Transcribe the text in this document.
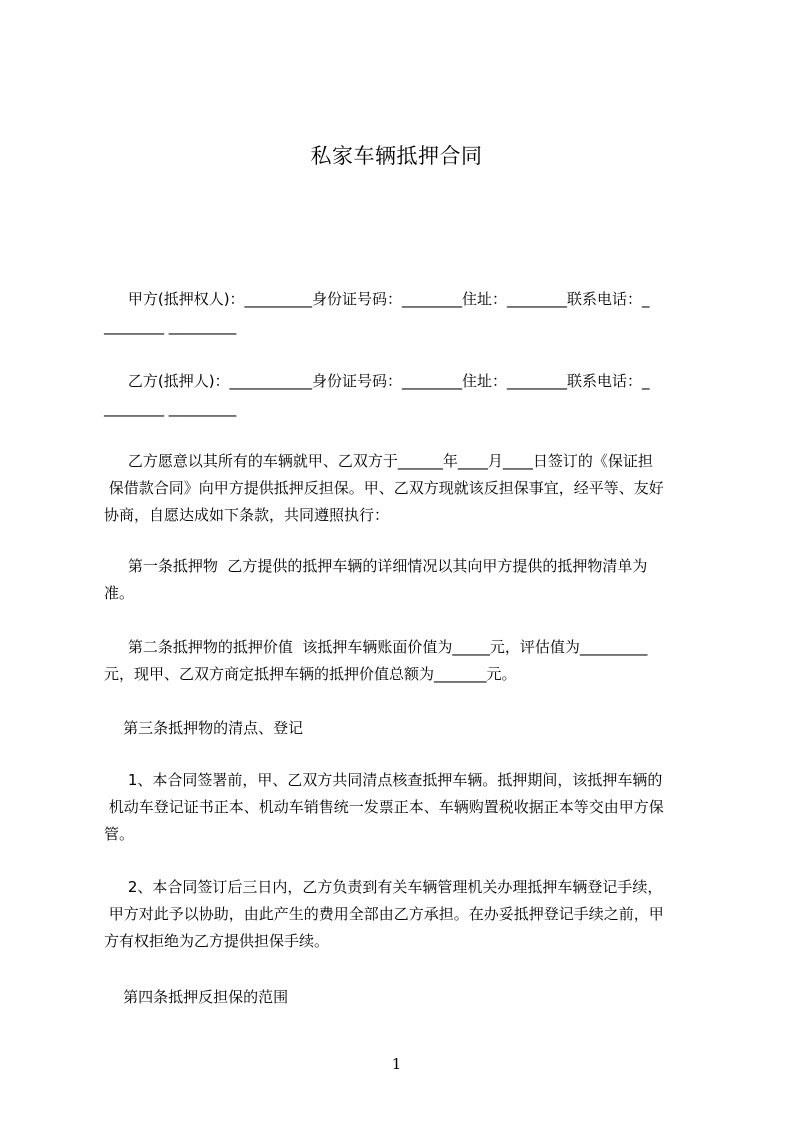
私家车辆抵押合同
甲方(抵押权人)：_________身份证号码：________住址：________联系电话：_
________ _________
乙方(抵押人)：___________身份证号码：________住址：________联系电话：_
________ _________
乙方愿意以其所有的车辆就甲、乙双方于______年____月____日签订的《保证担
保借款合同》向甲方提供抵押反担保。甲、乙双方现就该反担保事宜，经平等、友好
协商，自愿达成如下条款，共同遵照执行：
第一条抵押物  乙方提供的抵押车辆的详细情况以其向甲方提供的抵押物清单为
准。
第二条抵押物的抵押价值  该抵押车辆账面价值为_____元，评估值为_________
元，现甲、乙双方商定抵押车辆的抵押价值总额为_______元。
第三条抵押物的清点、登记
1、本合同签署前，甲、乙双方共同清点核查抵押车辆。抵押期间，该抵押车辆的
机动车登记证书正本、机动车销售统一发票正本、车辆购置税收据正本等交由甲方保
管。
2、本合同签订后三日内，乙方负责到有关车辆管理机关办理抵押车辆登记手续，
甲方对此予以协助，由此产生的费用全部由乙方承担。在办妥抵押登记手续之前，甲
方有权拒绝为乙方提供担保手续。
第四条抵押反担保的范围
1
